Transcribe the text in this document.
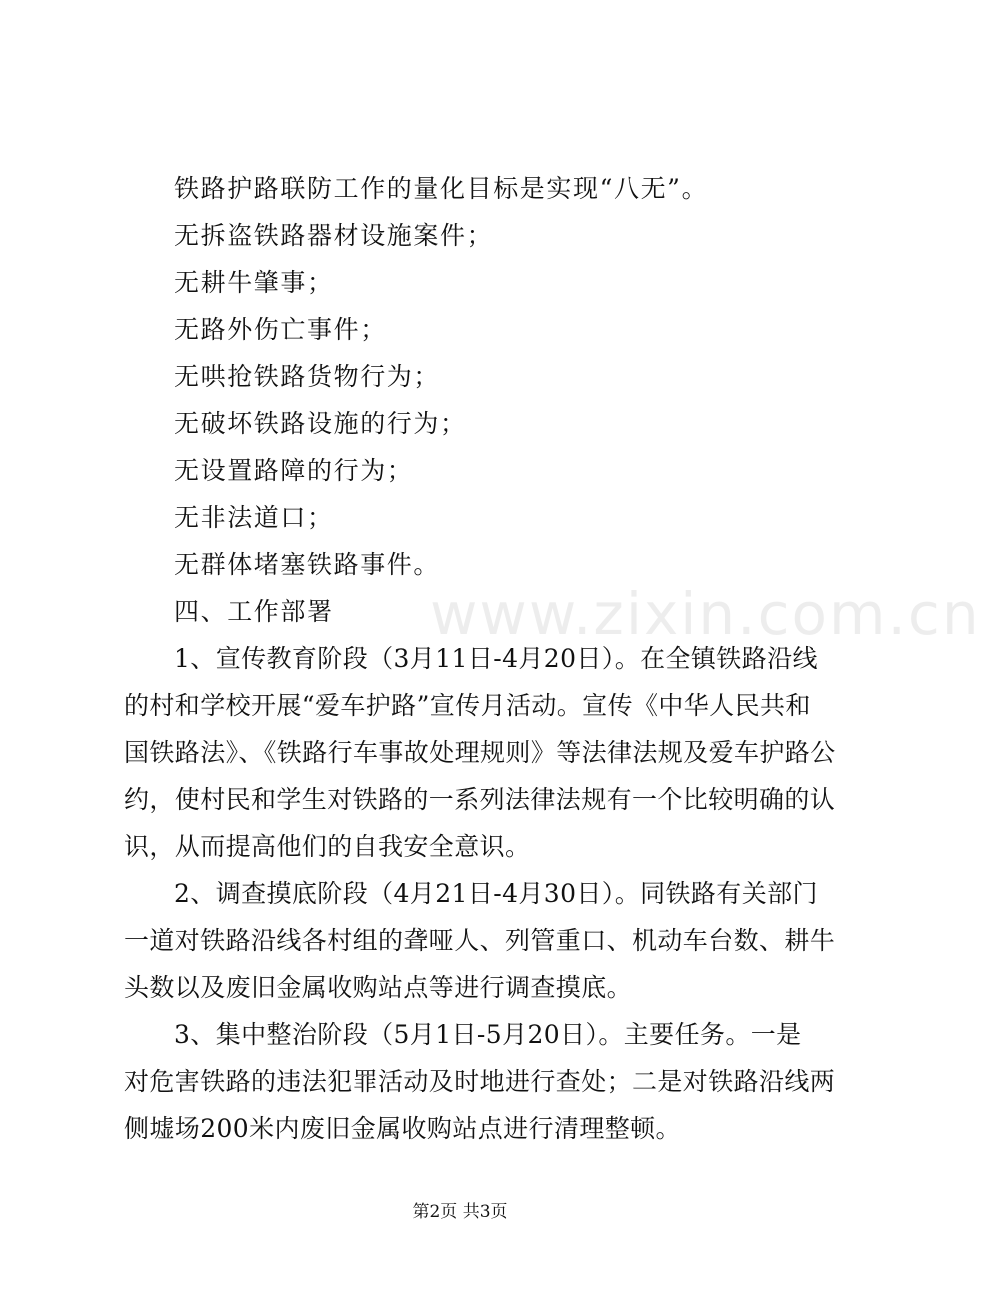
www.zixin.com.cn
铁路护路联防工作的量化目标是实现“八无”。
无拆盗铁路器材设施案件；
无耕牛肇事；
无路外伤亡事件；
无哄抢铁路货物行为；
无破坏铁路设施的行为；
无设置路障的行为；
无非法道口；
无群体堵塞铁路事件。
四、工作部署
1、宣传教育阶段（3月11日-4月20日）。在全镇铁路沿线
的村和学校开展“爱车护路”宣传月活动。宣传《中华人民共和
国铁路法》、《铁路行车事故处理规则》等法律法规及爱车护路公
约，使村民和学生对铁路的一系列法律法规有一个比较明确的认
识，从而提高他们的自我安全意识。
2、调查摸底阶段（4月21日-4月30日）。同铁路有关部门
一道对铁路沿线各村组的聋哑人、列管重口、机动车台数、耕牛
头数以及废旧金属收购站点等进行调查摸底。
3、集中整治阶段（5月1日-5月20日）。主要任务。一是
对危害铁路的违法犯罪活动及时地进行查处；二是对铁路沿线两
侧墟场200米内废旧金属收购站点进行清理整顿。
第2页 共3页
